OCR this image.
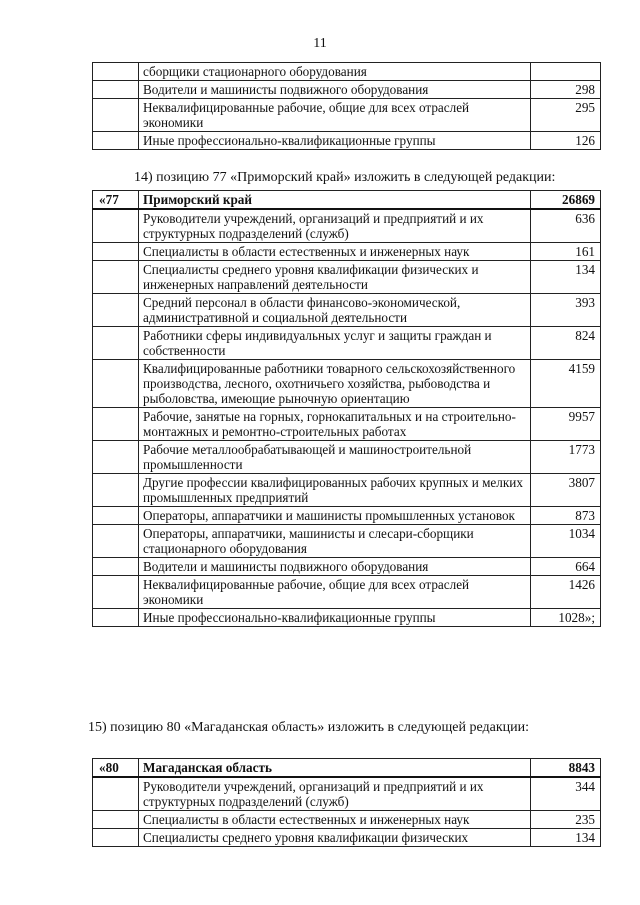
11
	сборщики стационарного оборудования	
	Водители и машинисты подвижного оборудования	298
	Неквалифицированные рабочие, общие для всех отраслей экономики	295
	Иные профессионально-квалификационные группы	126
14) позицию 77 «Приморский край» изложить в следующей редакции:
«77	Приморский край	26869
	Руководители учреждений, организаций и предприятий и их структурных подразделений (служб)	636
	Специалисты в области естественных и инженерных наук	161
	Специалисты среднего уровня квалификации физических и инженерных направлений деятельности	134
	Средний персонал в области финансово-экономической, административной и социальной деятельности	393
	Работники сферы индивидуальных услуг и защиты граждан и собственности	824
	Квалифицированные работники товарного сельскохозяйственного производства, лесного, охотничьего хозяйства, рыбоводства и рыболовства, имеющие рыночную ориентацию	4159
	Рабочие, занятые на горных, горнокапитальных и на строительно-монтажных и ремонтно-строительных работах	9957
	Рабочие металлообрабатывающей и машиностроительной промышленности	1773
	Другие профессии квалифицированных рабочих крупных и мелких промышленных предприятий	3807
	Операторы, аппаратчики и машинисты промышленных установок	873
	Операторы, аппаратчики, машинисты и слесари-сборщики стационарного оборудования	1034
	Водители и машинисты подвижного оборудования	664
	Неквалифицированные рабочие, общие для всех отраслей экономики	1426
	Иные профессионально-квалификационные группы	1028»;
15) позицию 80 «Магаданская область» изложить в следующей редакции:
«80	Магаданская область	8843
	Руководители учреждений, организаций и предприятий и их структурных подразделений (служб)	344
	Специалисты в области естественных и инженерных наук	235
	Специалисты среднего уровня квалификации физических	134
